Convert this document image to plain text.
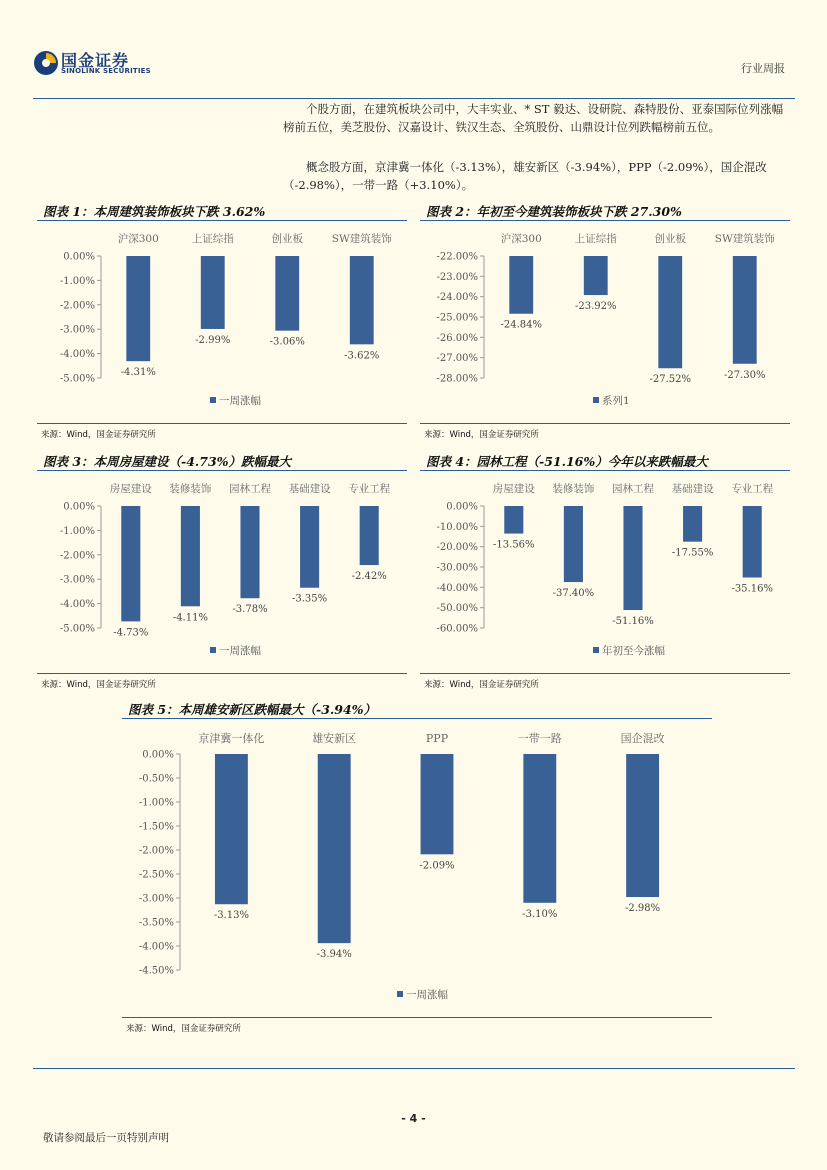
国金证券
SINOLINK SECURITIES	行业周报
个股方面，在建筑板块公司中，大丰实业、* ST 毅达、设研院、森特股份、亚泰国际位列涨幅榜前五位，美芝股份、汉嘉设计、铁汉生态、全筑股份、山鼎设计位列跌幅榜前五位。
概念股方面，京津冀一体化（-3.13%），雄安新区（-3.94%），PPP（-2.09%），国企混改（-2.98%），一带一路（+3.10%）。
图表 1：本周建筑装饰板块下跌 3.62%
0.00%
-1.00%
-2.00%
-3.00%
-4.00%
-5.00%
沪深300
-4.31%
上证综指
-2.99%
创业板
-3.06%
SW建筑装饰
-3.62%
一周涨幅
来源：Wind，国金证券研究所
图表 2：年初至今建筑装饰板块下跌 27.30%
-22.00%
-23.00%
-24.00%
-25.00%
-26.00%
-27.00%
-28.00%
沪深300
-24.84%
上证综指
-23.92%
创业板
-27.52%
SW建筑装饰
-27.30%
系列1
来源：Wind，国金证券研究所
图表 3：本周房屋建设（-4.73%）跌幅最大
0.00%
-1.00%
-2.00%
-3.00%
-4.00%
-5.00%
房屋建设
-4.73%
装修装饰
-4.11%
园林工程
-3.78%
基础建设
-3.35%
专业工程
-2.42%
一周涨幅
来源：Wind，国金证券研究所
图表 4：园林工程（-51.16%）今年以来跌幅最大
0.00%
-10.00%
-20.00%
-30.00%
-40.00%
-50.00%
-60.00%
房屋建设
-13.56%
装修装饰
-37.40%
园林工程
-51.16%
基础建设
-17.55%
专业工程
-35.16%
年初至今涨幅
来源：Wind，国金证券研究所
图表 5：本周雄安新区跌幅最大（-3.94%）
0.00%
-0.50%
-1.00%
-1.50%
-2.00%
-2.50%
-3.00%
-3.50%
-4.00%
-4.50%
京津冀一体化
-3.13%
雄安新区
-3.94%
PPP
-2.09%
一带一路
-3.10%
国企混改
-2.98%
一周涨幅
来源：Wind，国金证券研究所
- 4 -
敬请参阅最后一页特别声明
